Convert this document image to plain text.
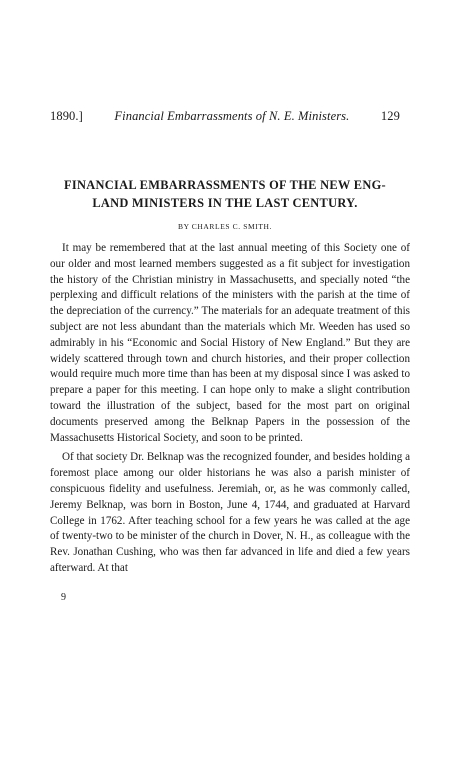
1890.]	Financial Embarrassments of N. E. Ministers.	129
FINANCIAL EMBARRASSMENTS OF THE NEW ENG-
LAND MINISTERS IN THE LAST CENTURY.
BY CHARLES C. SMITH.

It may be remembered that at the last annual meeting of this Society one of our older and most learned members suggested as a fit subject for investigation the history of the Christian ministry in Massachusetts, and specially noted “the perplexing and difficult relations of the ministers with the parish at the time of the depreciation of the currency.” The materials for an adequate treatment of this subject are not less abundant than the materials which Mr. Weeden has used so admirably in his “Economic and Social History of New England.” But they are widely scattered through town and church histories, and their proper collection would require much more time than has been at my disposal since I was asked to prepare a paper for this meeting. I can hope only to make a slight contribution toward the illustration of the subject, based for the most part on original documents preserved among the Belknap Papers in the possession of the Massachusetts Historical Society, and soon to be printed.

Of that society Dr. Belknap was the recognized founder, and besides holding a foremost place among our older historians he was also a parish minister of conspicuous fidelity and usefulness. Jeremiah, or, as he was commonly called, Jeremy Belknap, was born in Boston, June 4, 1744, and graduated at Harvard College in 1762. After teaching school for a few years he was called at the age of twenty-two to be minister of the church in Dover, N. H., as colleague with the Rev. Jonathan Cushing, who was then far advanced in life and died a few years afterward. At that

9
